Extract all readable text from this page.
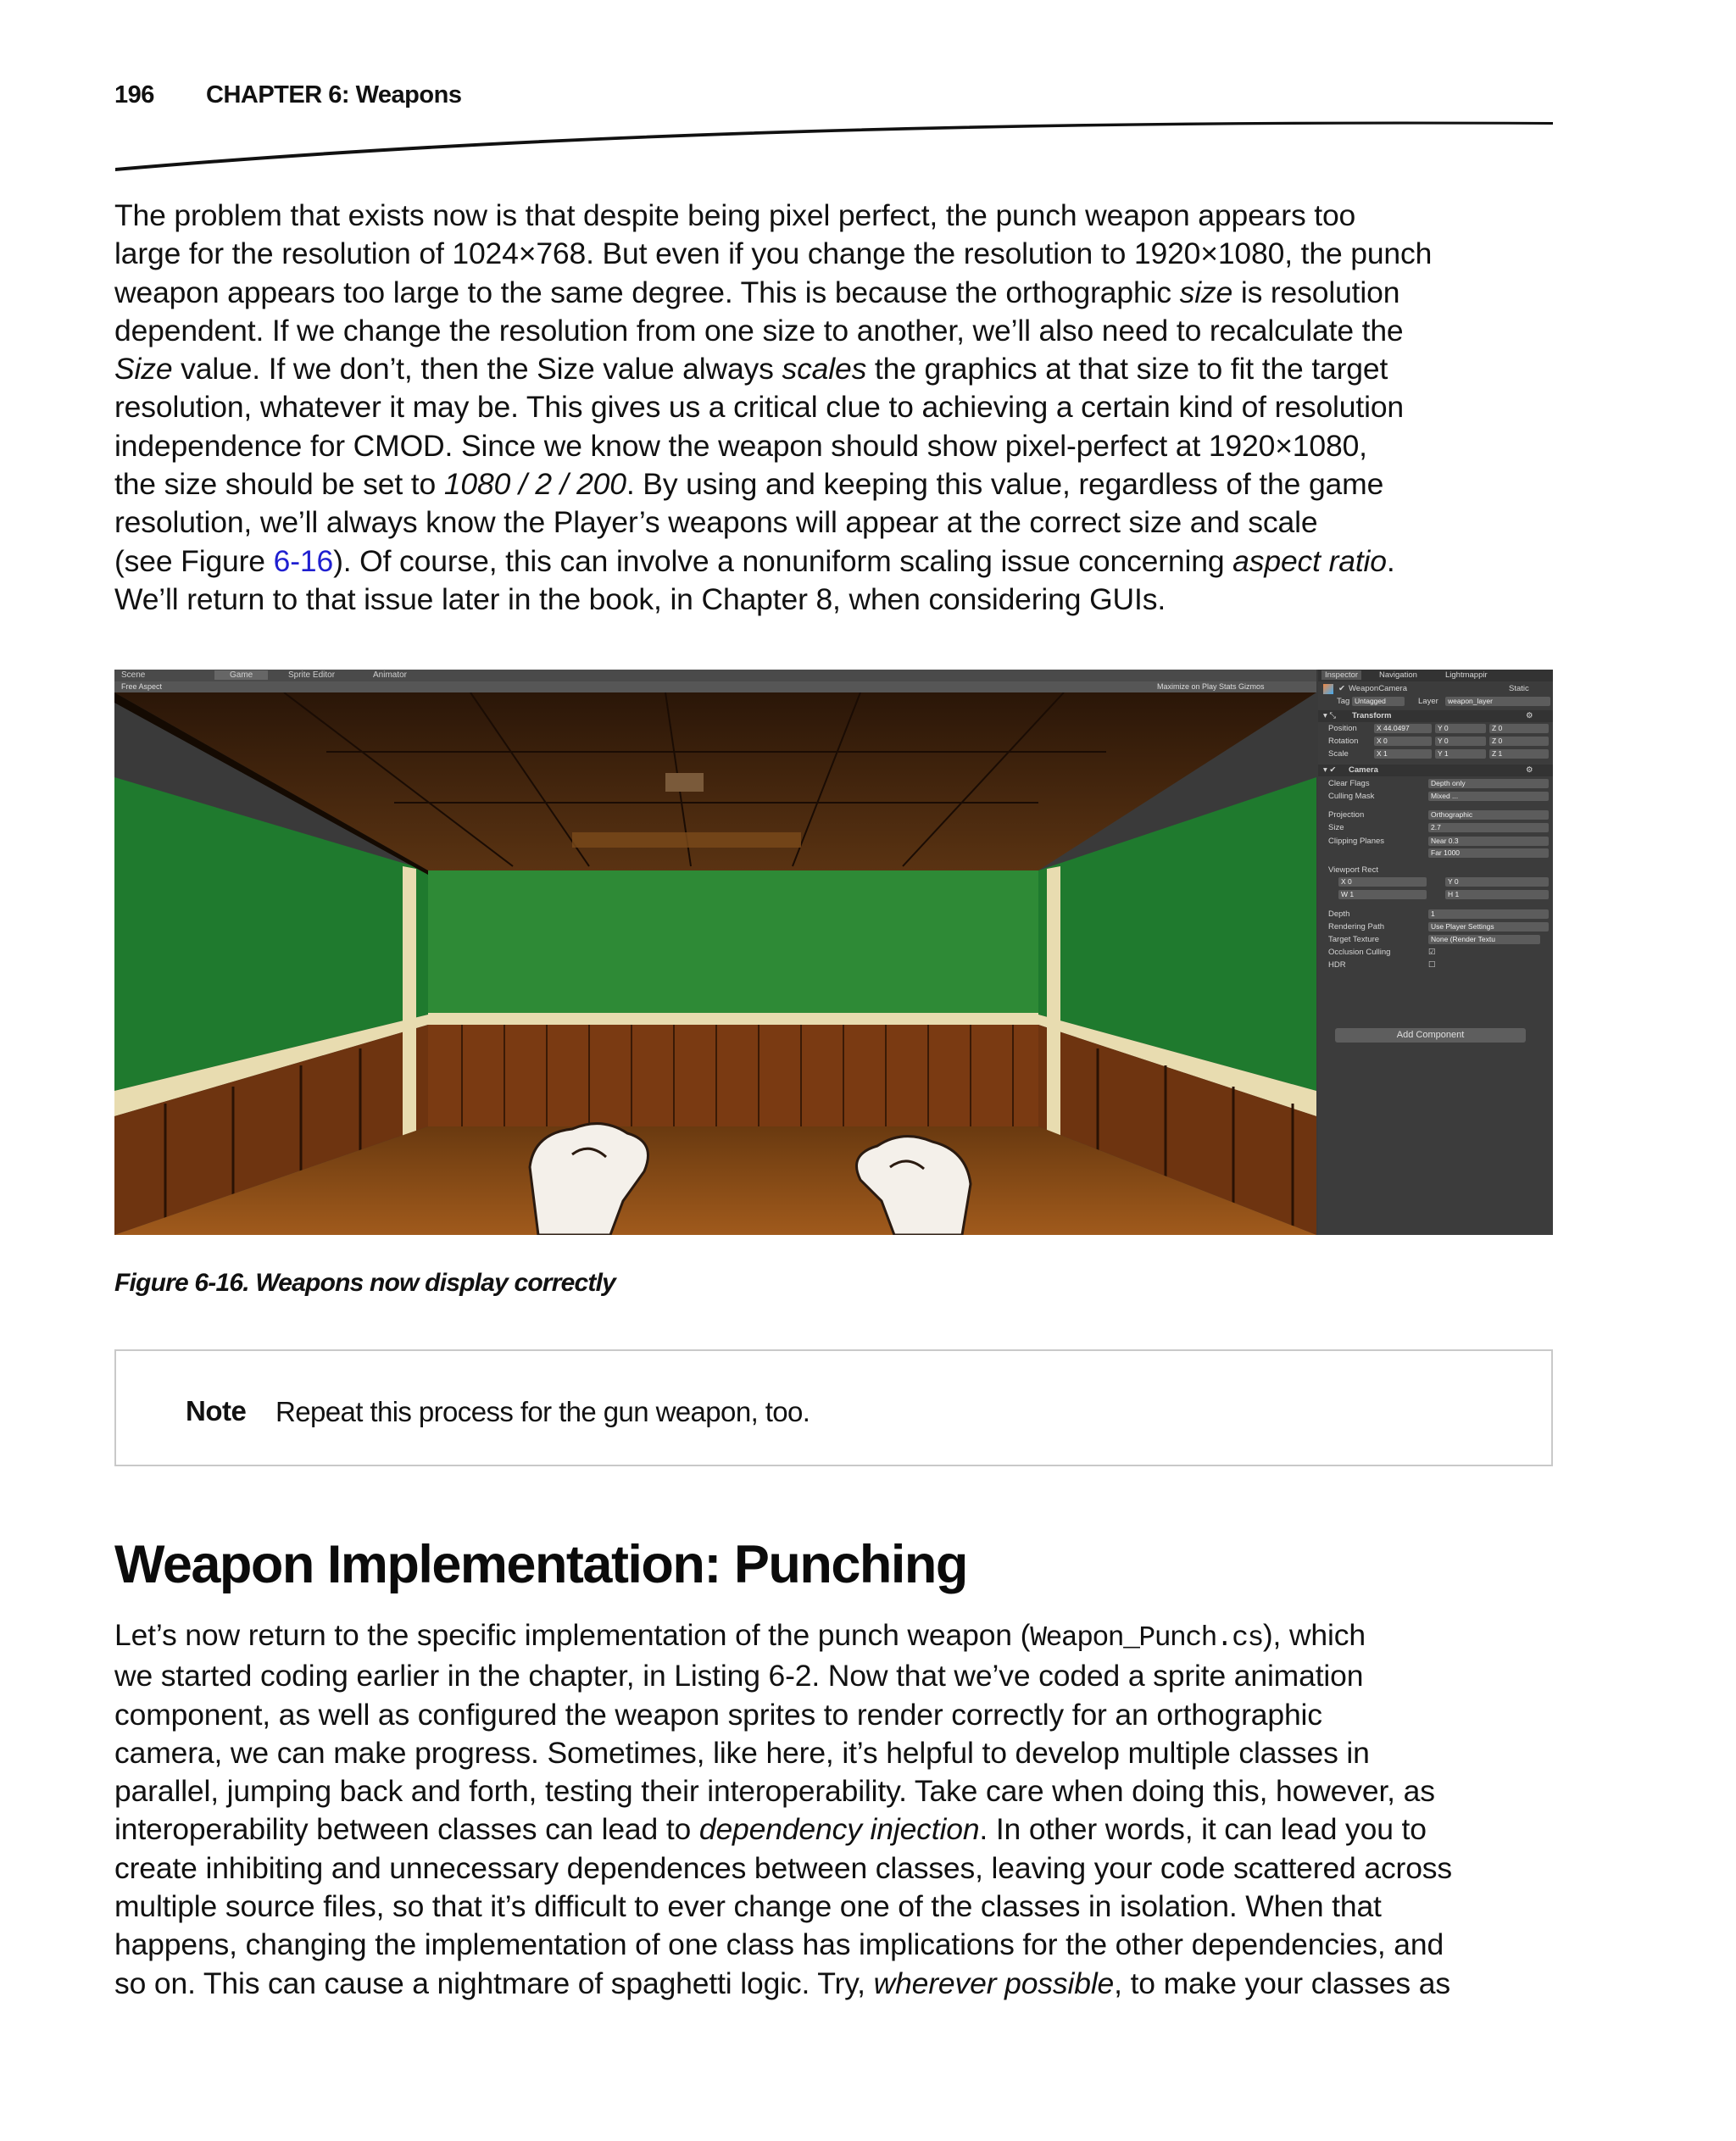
196 CHAPTER 6: Weapons
The problem that exists now is that despite being pixel perfect, the punch weapon appears too
large for the resolution of 1024×768. But even if you change the resolution to 1920×1080, the punch
weapon appears too large to the same degree. This is because the orthographic size is resolution
dependent. If we change the resolution from one size to another, we’ll also need to recalculate the
Size value. If we don’t, then the Size value always scales the graphics at that size to fit the target
resolution, whatever it may be. This gives us a critical clue to achieving a certain kind of resolution
independence for CMOD. Since we know the weapon should show pixel-perfect at 1920×1080,
the size should be set to 1080 / 2 / 200. By using and keeping this value, regardless of the game
resolution, we’ll always know the Player’s weapons will appear at the correct size and scale
(see Figure 6-16). Of course, this can involve a nonuniform scaling issue concerning aspect ratio.
We’ll return to that issue later in the book, in Chapter 8, when considering GUIs.
Scene	Game	Sprite Editor	Animator
Free Aspect	Maximize on Play Stats Gizmos
Inspector	Navigation	Lightmappir
✔ WeaponCamera	Static
Tag Untagged	Layer	weapon_layer
▾ ⤡ Transform	⚙
Position	X 44.0497	Y 0	Z 0
Rotation	X 0	Y 0	Z 0
Scale	X 1	Y 1	Z 1
▾ ✔ Camera	⚙
Clear Flags	Depth only
Culling Mask	Mixed ...
Projection	Orthographic
Size	2.7
Clipping Planes	Near 0.3
Far 1000
Viewport Rect
X 0	Y 0
W 1	H 1
Depth	1
Rendering Path	Use Player Settings
Target Texture	None (Render Textu
Occlusion Culling	☑
HDR	☐
Add Component
Figure 6-16. Weapons now display correctly
Note Repeat this process for the gun weapon, too.
Weapon Implementation: Punching
Let’s now return to the specific implementation of the punch weapon (Weapon_Punch.cs), which
we started coding earlier in the chapter, in Listing 6-2. Now that we’ve coded a sprite animation
component, as well as configured the weapon sprites to render correctly for an orthographic
camera, we can make progress. Sometimes, like here, it’s helpful to develop multiple classes in
parallel, jumping back and forth, testing their interoperability. Take care when doing this, however, as
interoperability between classes can lead to dependency injection. In other words, it can lead you to
create inhibiting and unnecessary dependences between classes, leaving your code scattered across
multiple source files, so that it’s difficult to ever change one of the classes in isolation. When that
happens, changing the implementation of one class has implications for the other dependencies, and
so on. This can cause a nightmare of spaghetti logic. Try, wherever possible, to make your classes as
